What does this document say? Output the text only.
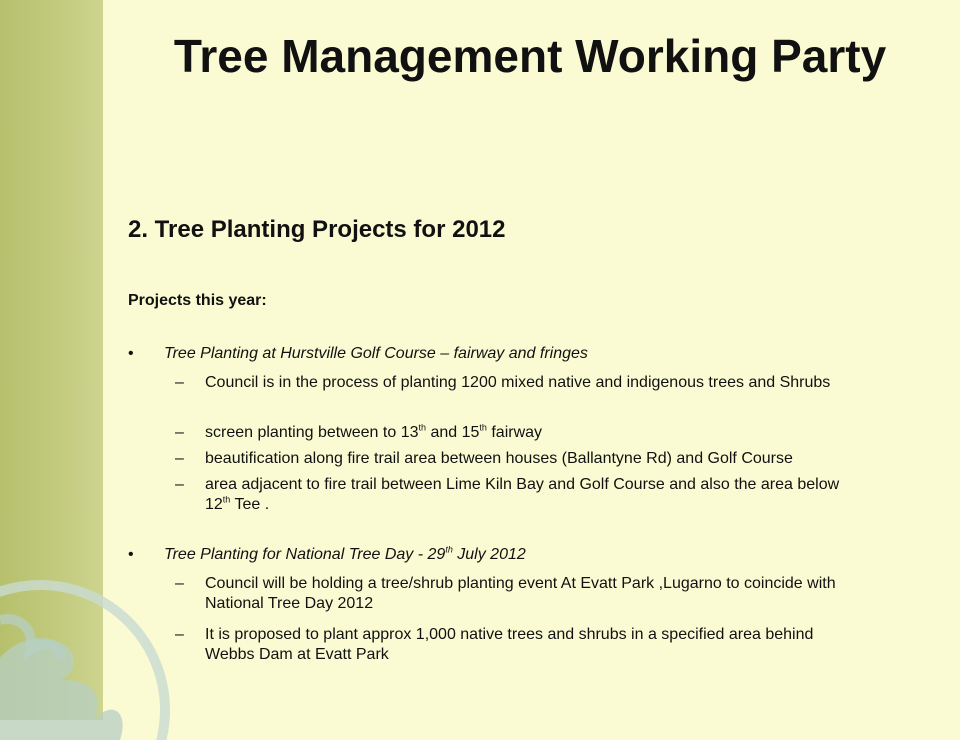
Tree Management Working Party
2. Tree Planting Projects for 2012

Projects this year:

• Tree Planting at Hurstville Golf Course – fairway and fringes
– Council is in the process of planting 1200 mixed native and indigenous trees and Shrubs
– screen planting between to 13th and 15th fairway
– beautification along fire trail area between houses (Ballantyne Rd) and Golf Course
– area adjacent to fire trail between Lime Kiln Bay and Golf Course and also the area below 12th Tee .
• Tree Planting for National Tree Day - 29th July 2012
– Council will be holding a tree/shrub planting event At Evatt Park ,Lugarno to coincide with National Tree Day 2012
– It is proposed to plant approx 1,000 native trees and shrubs in a specified area behind Webbs Dam at Evatt Park
